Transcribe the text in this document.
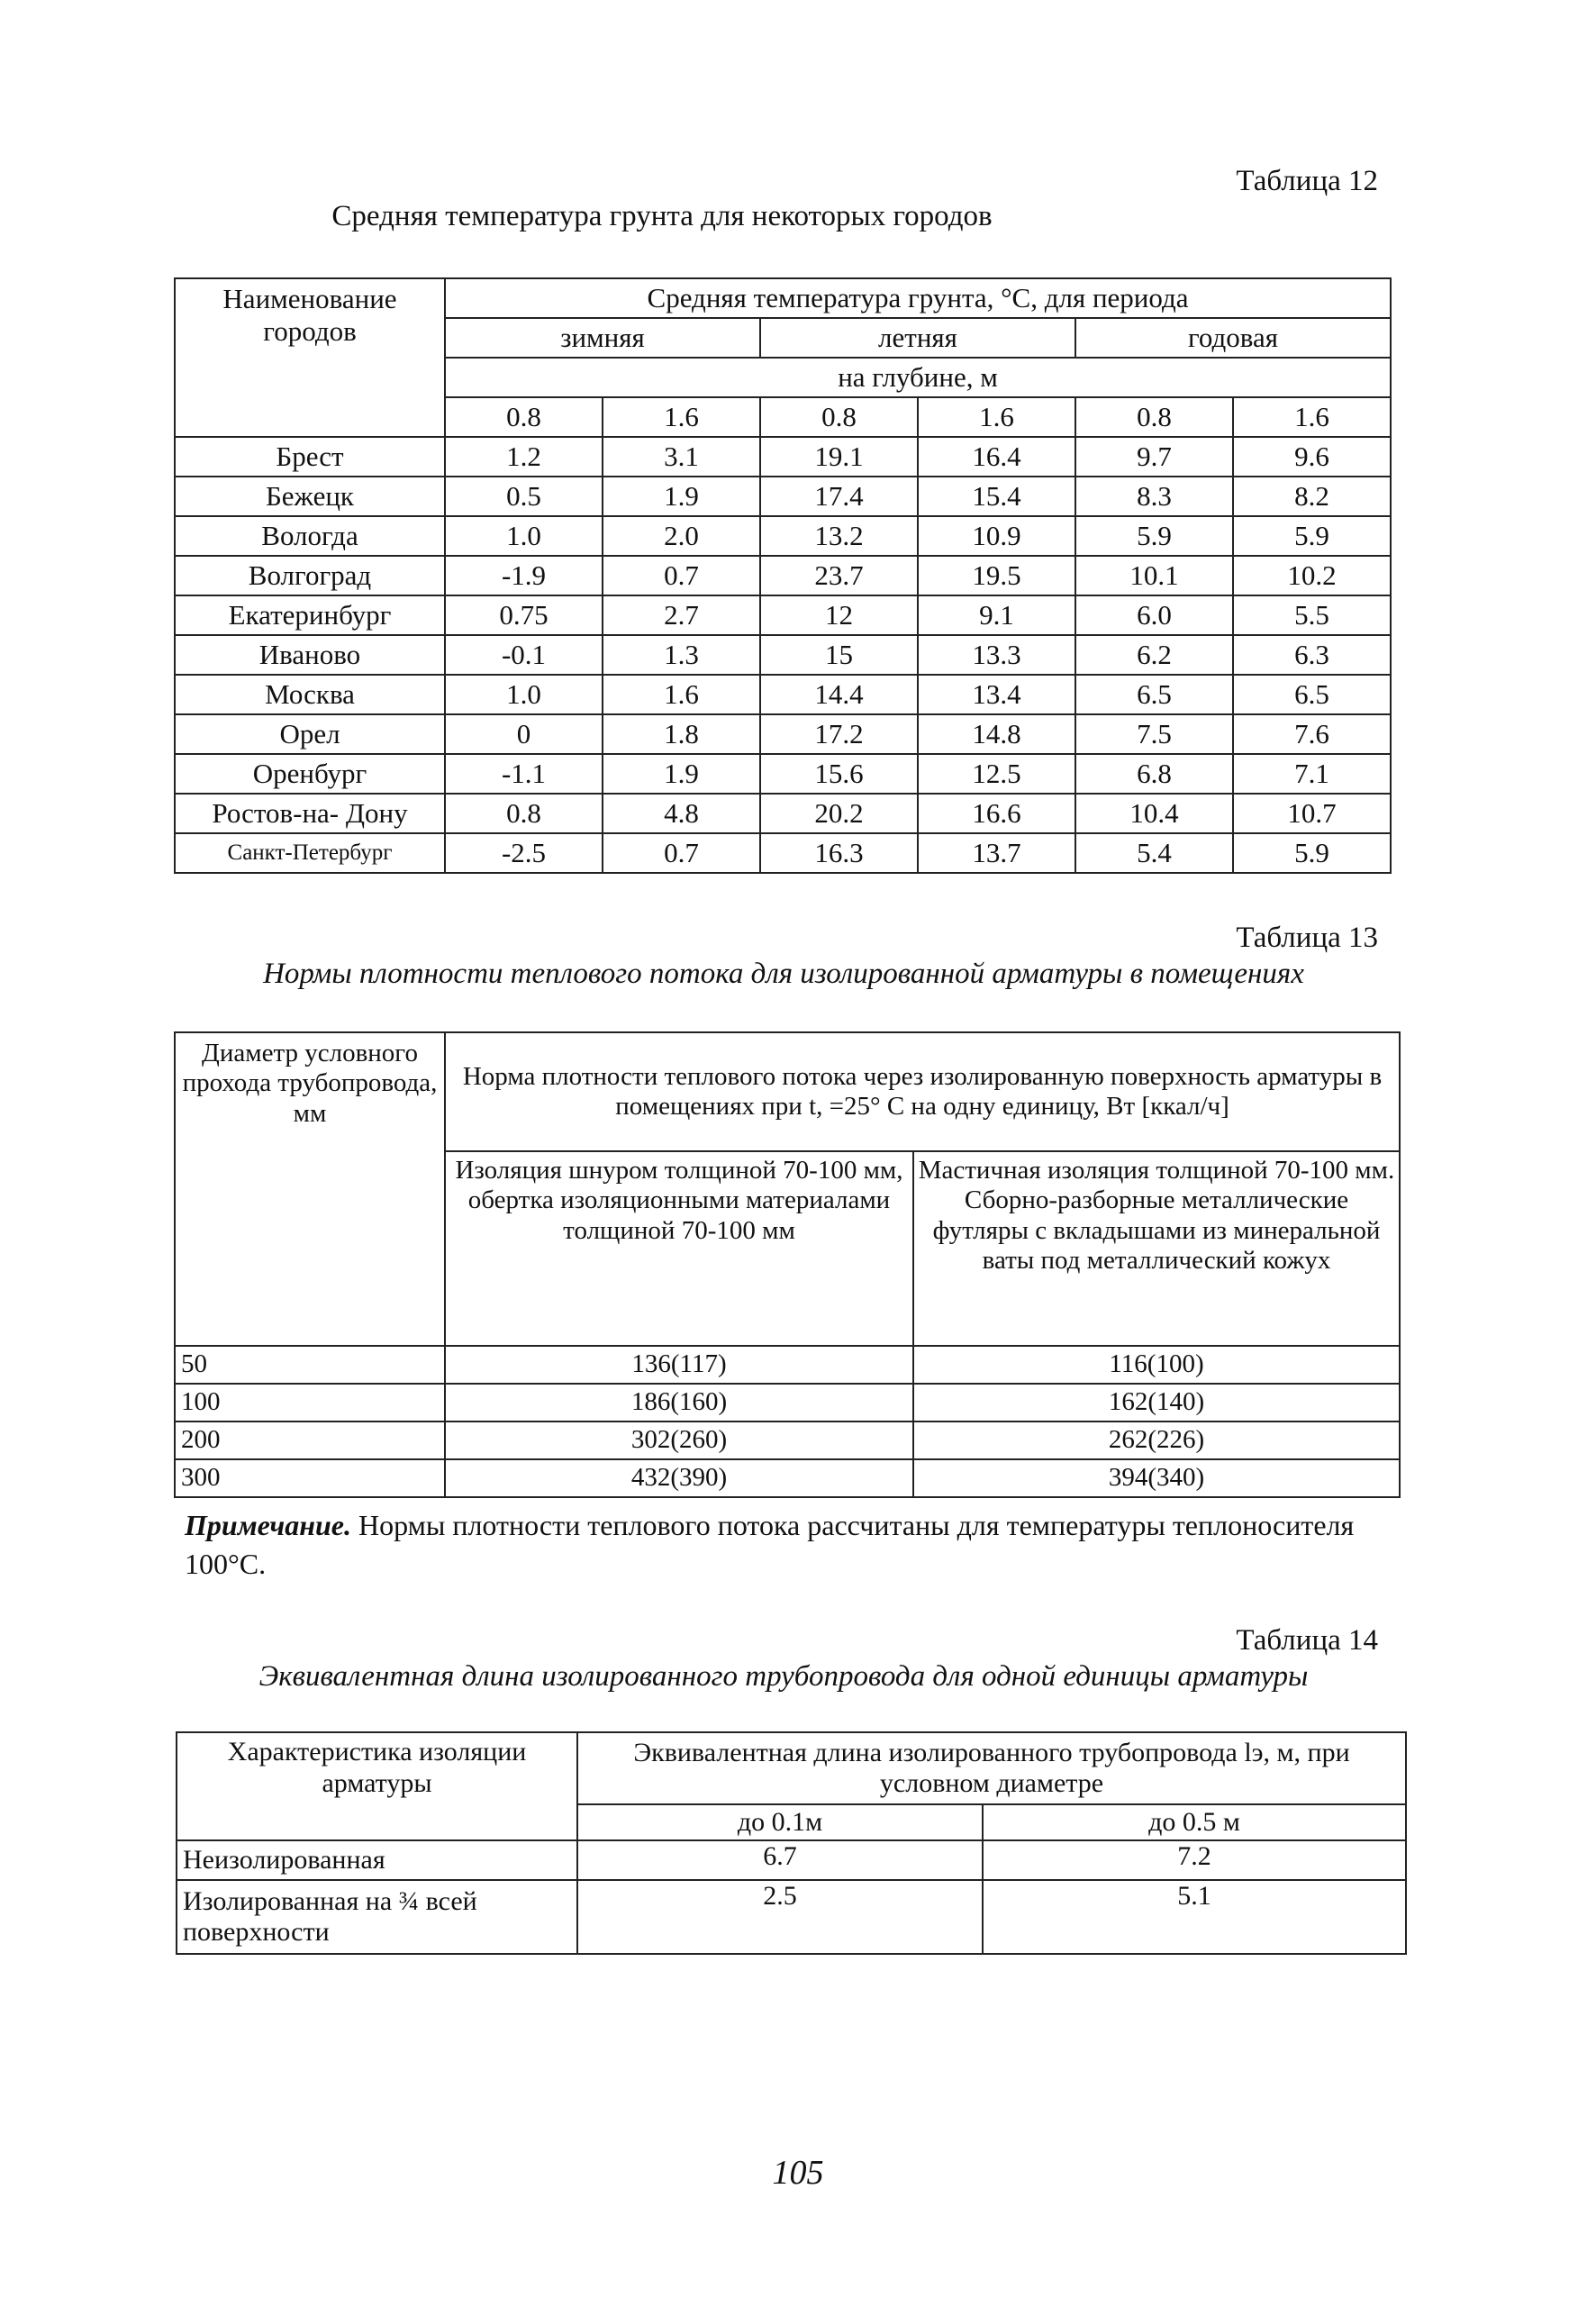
Таблица 12
Средняя температура грунта для некоторых городов
Наименование городов	Средняя температура грунта, °С, для периода					
	зимняя		летняя		годовая	
	на глубине, м					
	0.8	1.6	0.8	1.6	0.8	1.6
Брест	1.2	3.1	19.1	16.4	9.7	9.6
Бежецк	0.5	1.9	17.4	15.4	8.3	8.2
Вологда	1.0	2.0	13.2	10.9	5.9	5.9
Волгоград	-1.9	0.7	23.7	19.5	10.1	10.2
Екатеринбург	0.75	2.7	12	9.1	6.0	5.5
Иваново	-0.1	1.3	15	13.3	6.2	6.3
Москва	1.0	1.6	14.4	13.4	6.5	6.5
Орел	0	1.8	17.2	14.8	7.5	7.6
Оренбург	-1.1	1.9	15.6	12.5	6.8	7.1
Ростов-на- Дону	0.8	4.8	20.2	16.6	10.4	10.7
Санкт-Петербург	-2.5	0.7	16.3	13.7	5.4	5.9
Таблица 13
Нормы плотности теплового потока для изолированной арматуры в помещениях
Диаметр условного прохода трубопровода, мм	Норма плотности теплового потока через изолированную поверхность арматуры в помещениях при t, =25° С на одну единицу, Вт [ккал/ч]	
	Изоляция шнуром толщиной 70-100 мм, обертка изоляционными материалами толщиной 70-100 мм	Мастичная изоляция толщиной 70-100 мм. Сборно-разборные металлические футляры с вкладышами из минеральной ваты под металлический кожух
50	136(117)	116(100)
100	186(160)	162(140)
200	302(260)	262(226)
300	432(390)	394(340)
Примечание. Нормы плотности теплового потока рассчитаны для температуры теплоносителя 100°С.
Таблица 14
Эквивалентная длина изолированного трубопровода для одной единицы арматуры
Характеристика изоляции арматуры	Эквивалентная длина изолированного трубопровода lэ, м, при условном диаметре	
	до 0.1м	до 0.5 м
Неизолированная	6.7	7.2
Изолированная на ¾ всей поверхности	2.5	5.1
105
